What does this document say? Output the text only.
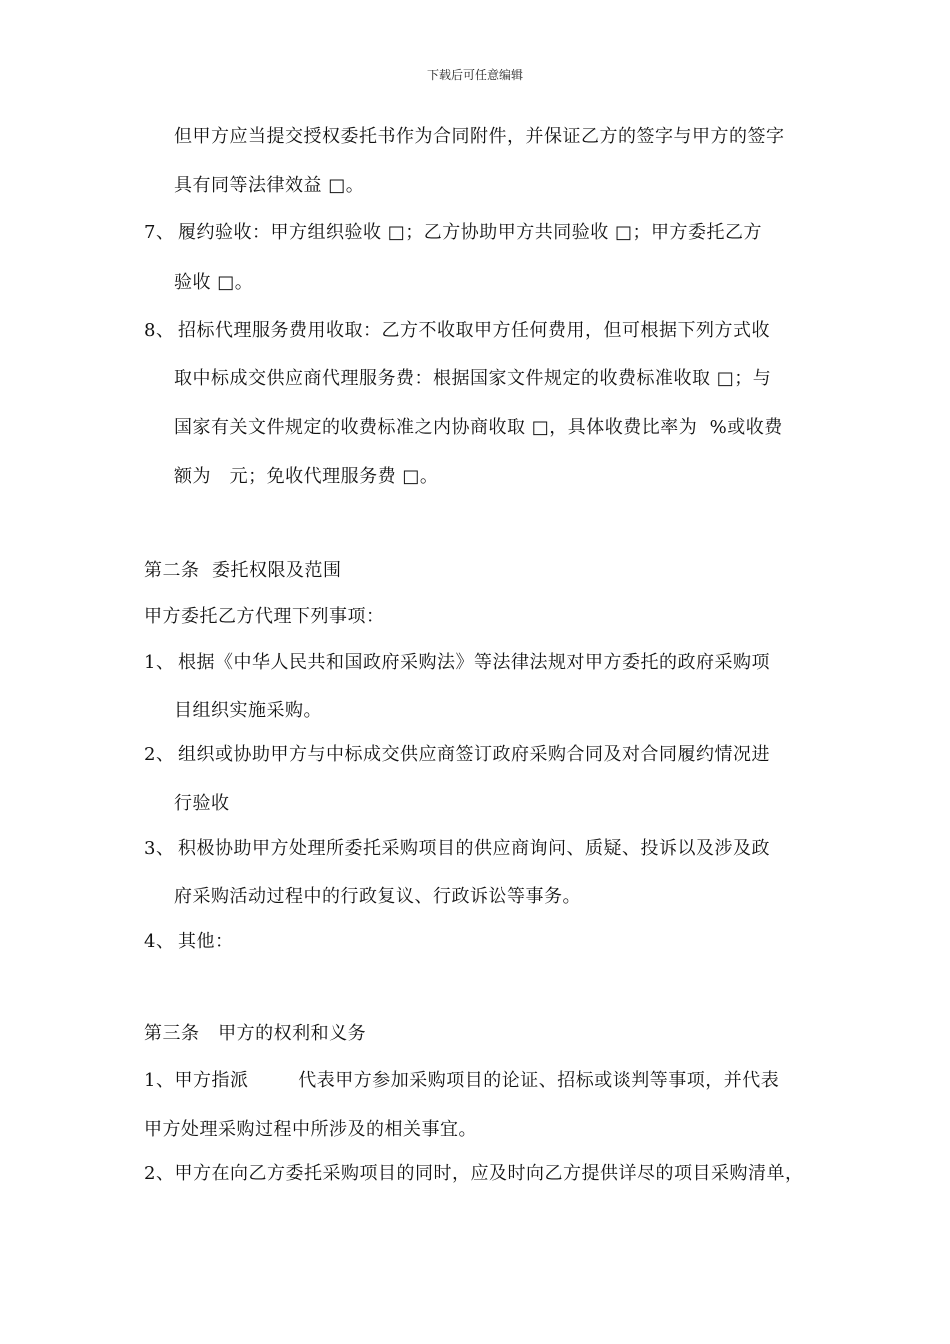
下载后可任意编辑
但甲方应当提交授权委托书作为合同附件，并保证乙方的签字与甲方的签字
具有同等法律效益 □。
7、 履约验收：甲方组织验收 □；乙方协助甲方共同验收 □；甲方委托乙方
验收 □。
8、 招标代理服务费用收取：乙方不收取甲方任何费用，但可根据下列方式收
取中标成交供应商代理服务费：根据国家文件规定的收费标准收取 □；与
国家有关文件规定的收费标准之内协商收取 □，具体收费比率为  %或收费
额为   元；免收代理服务费 □。
第二条  委托权限及范围
甲方委托乙方代理下列事项：
1、 根据《中华人民共和国政府采购法》等法律法规对甲方委托的政府采购项
目组织实施采购。
2、 组织或协助甲方与中标成交供应商签订政府采购合同及对合同履约情况进
行验收
3、 积极协助甲方处理所委托采购项目的供应商询问、质疑、投诉以及涉及政
府采购活动过程中的行政复议、行政诉讼等事务。
4、 其他：
第三条   甲方的权利和义务
1、甲方指派        代表甲方参加采购项目的论证、招标或谈判等事项，并代表
甲方处理采购过程中所涉及的相关事宜。
2、甲方在向乙方委托采购项目的同时，应及时向乙方提供详尽的项目采购清单，
